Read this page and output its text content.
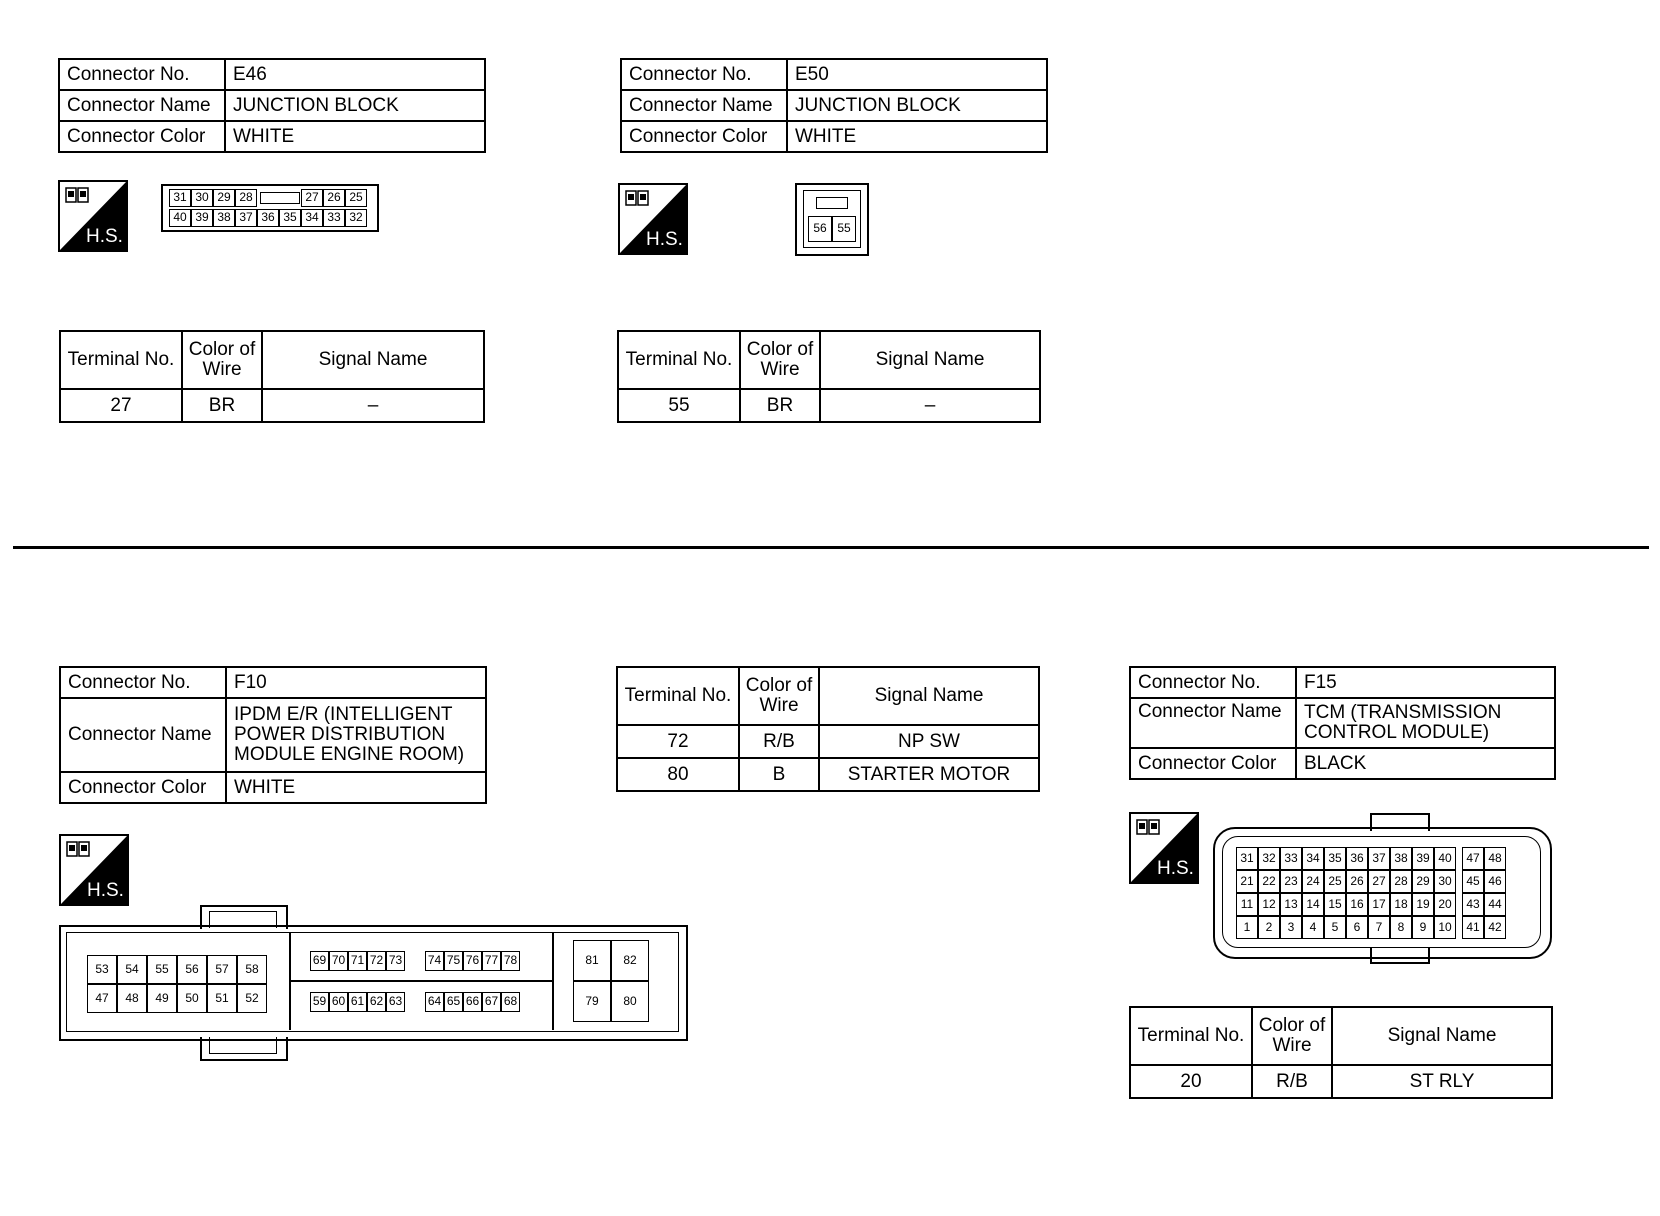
Connector No.	E46
Connector Name	JUNCTION BLOCK
Connector Color	WHITE
H.S.
31 30 29 28	27 26 25
40 39 38 37 36 35 34 33 32
Terminal No.	Color of Wire	Signal Name
27	BR	–
Connector No.	E50
Connector Name	JUNCTION BLOCK
Connector Color	WHITE
H.S.
56 55
Terminal No.	Color of Wire	Signal Name
55	BR	–
Connector No.	F10
Connector Name	IPDM E/R (INTELLIGENT
POWER DISTRIBUTION
MODULE ENGINE ROOM)

Connector Color	WHITE
H.S.
53	54	55	56	57	58
47	48	49	50	51	52
69 70 71 72 73 74 75 76 77 78
59 60 61 62 63 64 65 66 67 68
81	82
79	80
Terminal No.	Color of Wire	Signal Name
72	R/B	NP SW
80	B	STARTER MOTOR
Connector No.	F15
Connector Name	TCM (TRANSMISSION
CONTROL MODULE)

Connector Color	BLACK
H.S.	31 32 33 34 35 36 37 38 39 40	47 48
21 22 23 24 25 26 27 28 29 30	45 46
11 12 13 14 15 16 17 18 19 20	43 44
1	2	3	4	5	6	7	8	9 10	41 42
Terminal No.	Color of Wire	Signal Name
20	R/B	ST RLY
